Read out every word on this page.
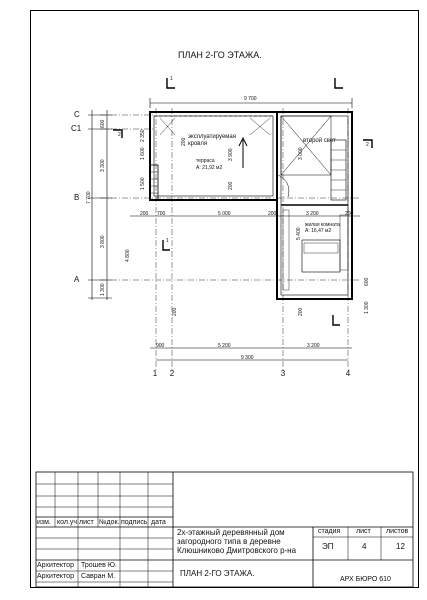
ПЛАН 2-ГО ЭТАЖА.
эксплуатируемая кровля	второй свет
терраса
A: 21,92 м2
жилая комната
A: 16,47 м2
C
C1
B
A
1	2	3	4
1
1
2
2
9 700
200 700	5 000	200	3 200	200
900	5 200	3 200
9 300
600
3 300
7 700
3 800
4 800
1 300
2 350
1 600
1 500
200
3 900
200
3 000
5 400
600
1 300
200
200
изм. кол.уч лист №док. подпись дата
2х-этажный деревянный дом загородного типа в деревне Клюшниково Дмитровского р-на
стадия лист листов
ЭП	4	12
Архитектор Трошев Ю.
Архитектор Савран М.	ПЛАН 2-ГО ЭТАЖА.
АРХ БЮРО 610
